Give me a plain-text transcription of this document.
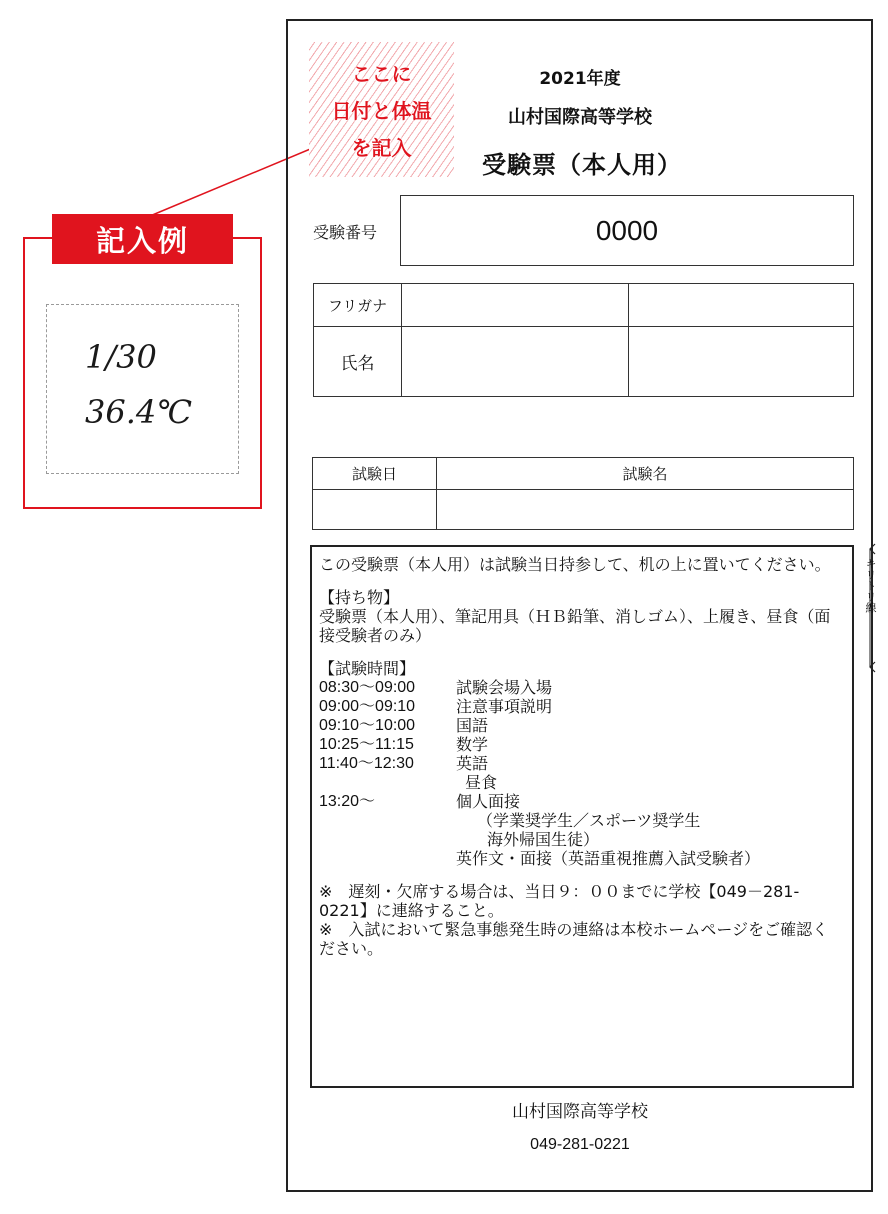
記入例
1/30
36.4℃
ここに
日付と体温
を記入
2021年度
山村国際高等学校
受験票（本人用）
受験番号	0000
フリガナ		
氏名		
試験日	試験名

この受験票（本人用）は試験当日持参して、机の上に置いてください。

【持ち物】

受験票（本人用）、筆記用具（ＨＢ鉛筆、消しゴム）、上履き、昼食（面接受験者のみ）

【試験時間】

08:30～09:00	試験会場入場
09:00～09:10	注意事項説明
09:10～10:00	国語
10:25～11:15	数学
11:40～12:30	英語

昼食

13:20～	個人面接

（学業奨学生／スポーツ奨学生

海外帰国生徒）

英作文・面接（英語重視推薦入試受験者）

※　遅刻・欠席する場合は、当日９：００までに学校【049－281-0221】に連絡すること。

※　入試において緊急事態発生時の連絡は本校ホームページをご確認ください。

山村国際高等学校
049-281-0221
キリトリ線
